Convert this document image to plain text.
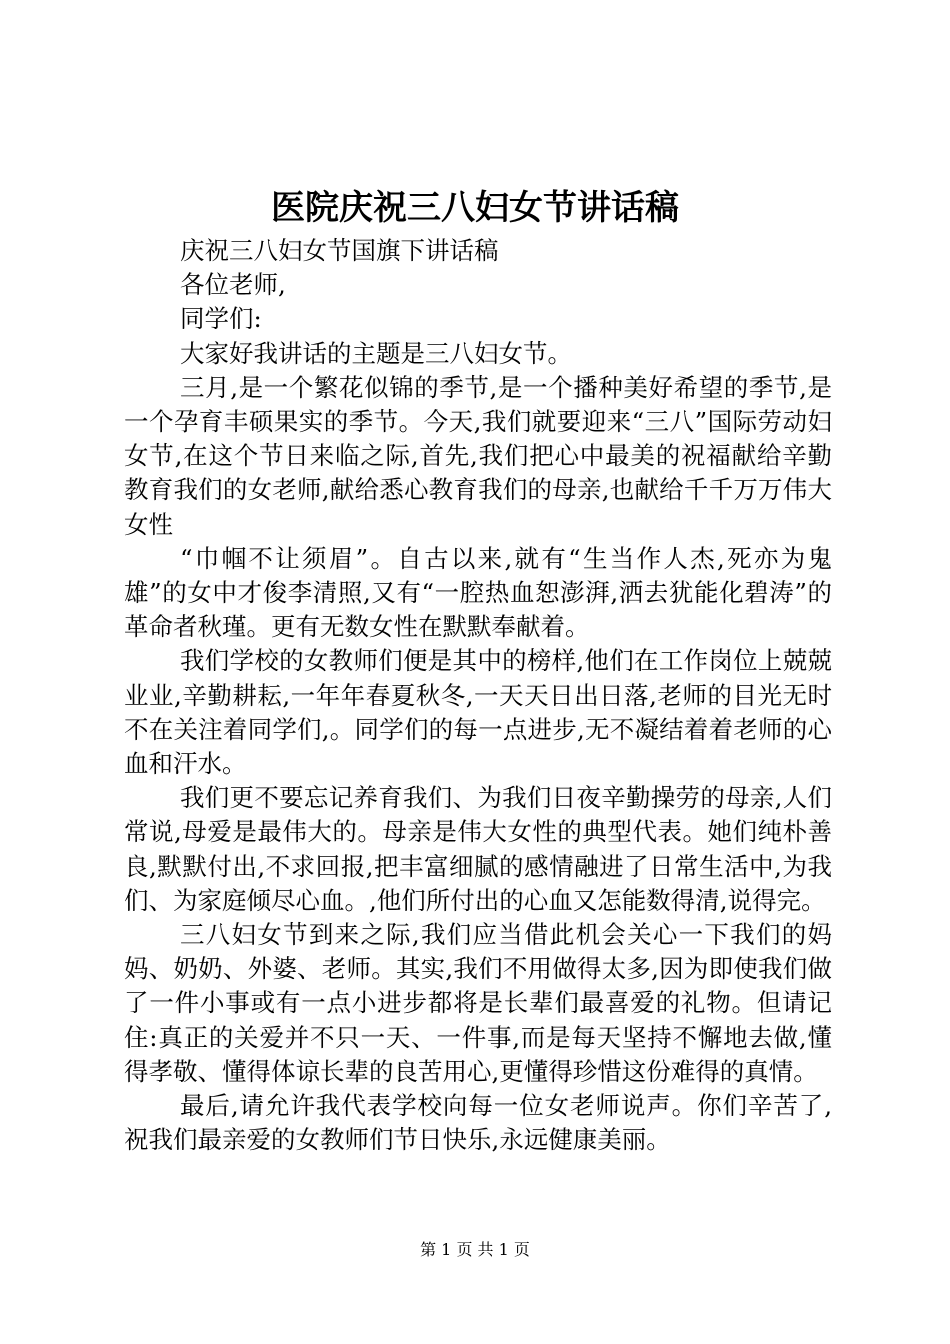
医院庆祝三八妇女节讲话稿

庆祝三八妇女节国旗下讲话稿

各位老师,

同学们:

大家好我讲话的主题是三八妇女节。

三月,是一个繁花似锦的季节,是一个播种美好希望的季节,是一个孕育丰硕果实的季节。今天,我们就要迎来“三八”国际劳动妇女节,在这个节日来临之际,首先,我们把心中最美的祝福献给辛勤教育我们的女老师,献给悉心教育我们的母亲,也献给千千万万伟大女性

“巾帼不让须眉”。自古以来,就有“生当作人杰,死亦为鬼雄”的女中才俊李清照,又有“一腔热血恕澎湃,洒去犹能化碧涛”的革命者秋瑾。更有无数女性在默默奉献着。

我们学校的女教师们便是其中的榜样,他们在工作岗位上兢兢业业,辛勤耕耘,一年年春夏秋冬,一天天日出日落,老师的目光无时不在关注着同学们,。同学们的每一点进步,无不凝结着着老师的心血和汗水。

我们更不要忘记养育我们、为我们日夜辛勤操劳的母亲,人们常说,母爱是最伟大的。母亲是伟大女性的典型代表。她们纯朴善良,默默付出,不求回报,把丰富细腻的感情融进了日常生活中,为我们、为家庭倾尽心血。,他们所付出的心血又怎能数得清,说得完。

三八妇女节到来之际,我们应当借此机会关心一下我们的妈妈、奶奶、外婆、老师。其实,我们不用做得太多,因为即使我们做了一件小事或有一点小进步都将是长辈们最喜爱的礼物。但请记住:真正的关爱并不只一天、一件事,而是每天坚持不懈地去做,懂得孝敬、懂得体谅长辈的良苦用心,更懂得珍惜这份难得的真情。

最后,请允许我代表学校向每一位女老师说声。你们辛苦了,祝我们最亲爱的女教师们节日快乐,永远健康美丽。

第 1 页 共 1 页
